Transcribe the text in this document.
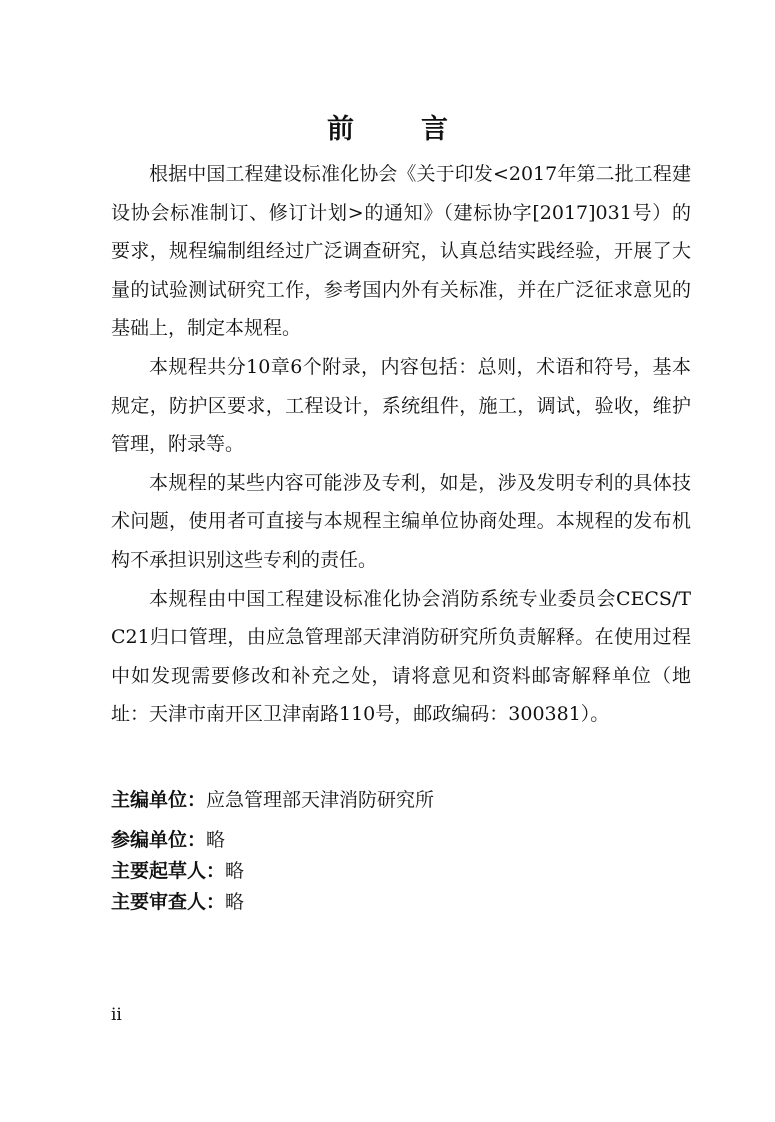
前　言

根据中国工程建设标准化协会《关于印发<2017年第二批工程建设协会标准制订、修订计划>的通知》（建标协字[2017]031号）的要求，规程编制组经过广泛调查研究，认真总结实践经验，开展了大量的试验测试研究工作，参考国内外有关标准，并在广泛征求意见的基础上，制定本规程。

本规程共分10章6个附录，内容包括：总则，术语和符号，基本规定，防护区要求，工程设计，系统组件，施工，调试，验收，维护管理，附录等。

本规程的某些内容可能涉及专利，如是，涉及发明专利的具体技术问题，使用者可直接与本规程主编单位协商处理。本规程的发布机构不承担识别这些专利的责任。

本规程由中国工程建设标准化协会消防系统专业委员会CECS/TC21归口管理，由应急管理部天津消防研究所负责解释。在使用过程中如发现需要修改和补充之处，请将意见和资料邮寄解释单位（地址：天津市南开区卫津南路110号，邮政编码：300381）。

主编单位：应急管理部天津消防研究所
参编单位：略
主要起草人：略
主要审查人：略
ii
